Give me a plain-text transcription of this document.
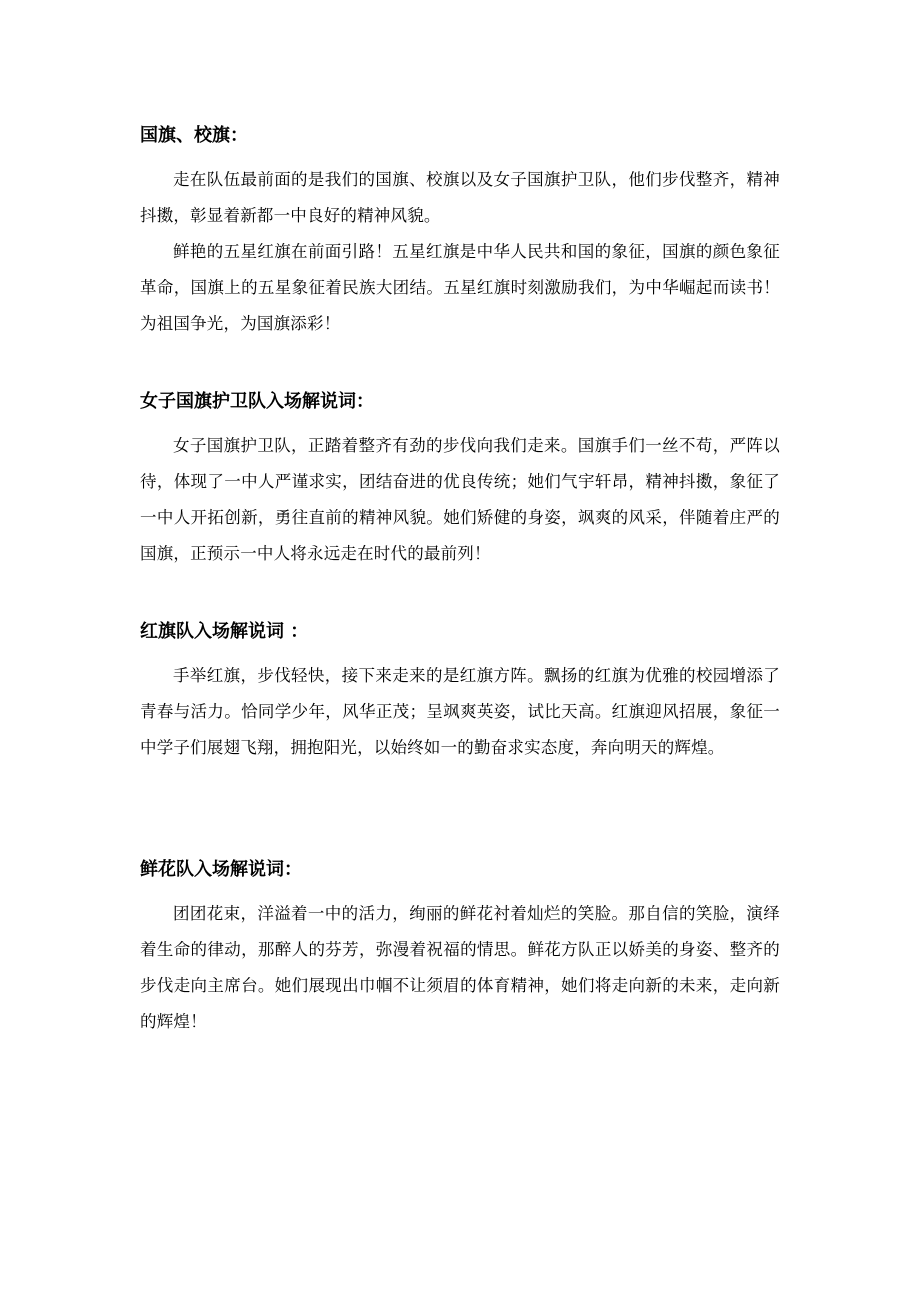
国旗、校旗：

走在队伍最前面的是我们的国旗、校旗以及女子国旗护卫队，他们步伐整齐，精神抖擞，彰显着新都一中良好的精神风貌。

鲜艳的五星红旗在前面引路！五星红旗是中华人民共和国的象征，国旗的颜色象征革命，国旗上的五星象征着民族大团结。五星红旗时刻激励我们，为中华崛起而读书！为祖国争光，为国旗添彩！

女子国旗护卫队入场解说词：

女子国旗护卫队，正踏着整齐有劲的步伐向我们走来。国旗手们一丝不苟，严阵以待，体现了一中人严谨求实，团结奋进的优良传统；她们气宇轩昂，精神抖擞，象征了一中人开拓创新，勇往直前的精神风貌。她们矫健的身姿，飒爽的风采，伴随着庄严的国旗，正预示一中人将永远走在时代的最前列！

红旗队入场解说词 ：

手举红旗，步伐轻快，接下来走来的是红旗方阵。飘扬的红旗为优雅的校园增添了青春与活力。恰同学少年，风华正茂；呈飒爽英姿，试比天高。红旗迎风招展，象征一中学子们展翅飞翔，拥抱阳光，以始终如一的勤奋求实态度，奔向明天的辉煌。

鲜花队入场解说词：

团团花束，洋溢着一中的活力，绚丽的鲜花衬着灿烂的笑脸。那自信的笑脸，演绎着生命的律动，那醉人的芬芳，弥漫着祝福的情思。鲜花方队正以娇美的身姿、整齐的步伐走向主席台。她们展现出巾帼不让须眉的体育精神，她们将走向新的未来，走向新的辉煌！
